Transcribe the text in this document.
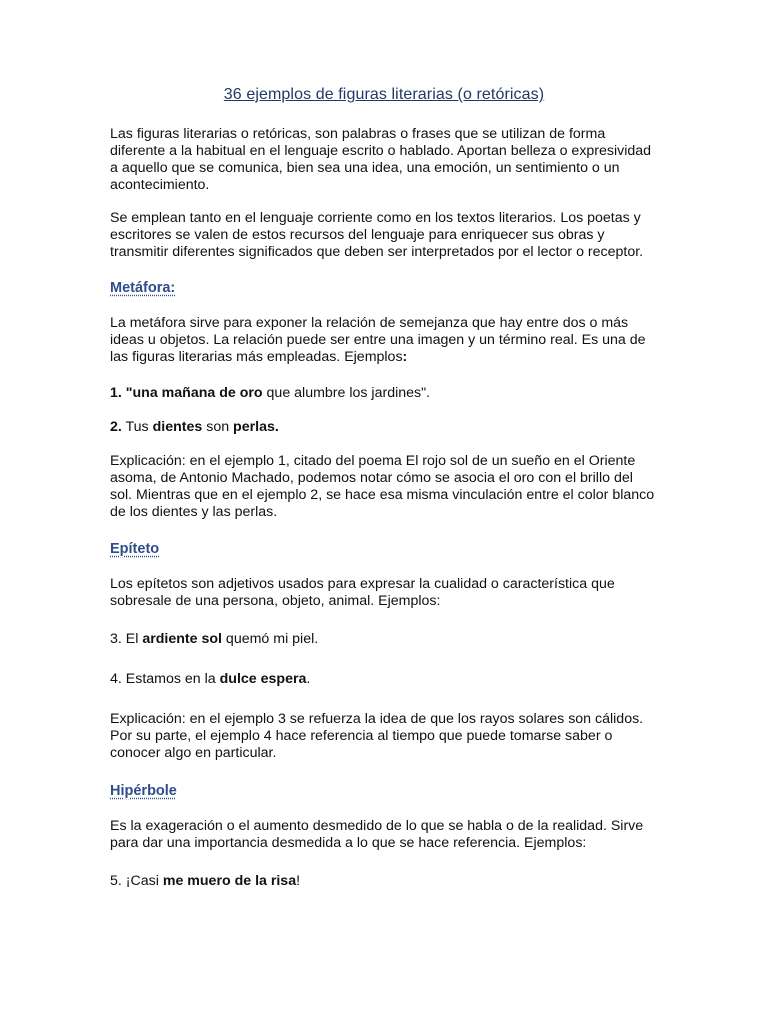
36 ejemplos de figuras literarias (o retóricas)

Las figuras literarias o retóricas, son palabras o frases que se utilizan de forma diferente a la habitual en el lenguaje escrito o hablado. Aportan belleza o expresividad a aquello que se comunica, bien sea una idea, una emoción, un sentimiento o un acontecimiento.

Se emplean tanto en el lenguaje corriente como en los textos literarios. Los poetas y escritores se valen de estos recursos del lenguaje para enriquecer sus obras y transmitir diferentes significados que deben ser interpretados por el lector o receptor.

Metáfora:

La metáfora sirve para exponer la relación de semejanza que hay entre dos o más ideas u objetos. La relación puede ser entre una imagen y un término real. Es una de las figuras literarias más empleadas. Ejemplos:

1. "una mañana de oro que alumbre los jardines".

2. Tus dientes son perlas.

Explicación: en el ejemplo 1, citado del poema El rojo sol de un sueño en el Oriente asoma, de Antonio Machado, podemos notar cómo se asocia el oro con el brillo del sol. Mientras que en el ejemplo 2, se hace esa misma vinculación entre el color blanco de los dientes y las perlas.

Epíteto

Los epítetos son adjetivos usados para expresar la cualidad o característica que sobresale de una persona, objeto, animal. Ejemplos:

3. El ardiente sol quemó mi piel.

4. Estamos en la dulce espera.

Explicación: en el ejemplo 3 se refuerza la idea de que los rayos solares son cálidos. Por su parte, el ejemplo 4 hace referencia al tiempo que puede tomarse saber o conocer algo en particular.

Hipérbole

Es la exageración o el aumento desmedido de lo que se habla o de la realidad. Sirve para dar una importancia desmedida a lo que se hace referencia. Ejemplos:

5. ¡Casi me muero de la risa!
